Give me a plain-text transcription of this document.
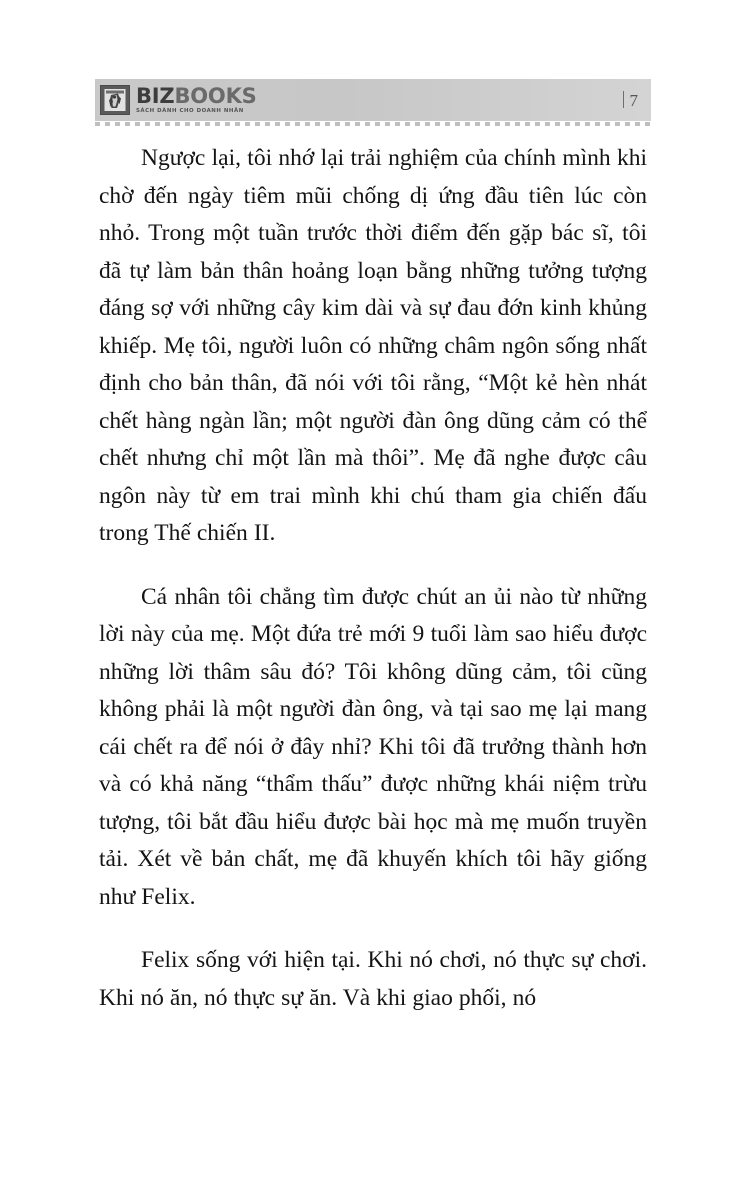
BIZBOOKS
SÁCH DÀNH CHO DOANH NHÂN
7

Ngược lại, tôi nhớ lại trải nghiệm của chính mình khi chờ đến ngày tiêm mũi chống dị ứng đầu tiên lúc còn nhỏ. Trong một tuần trước thời điểm đến gặp bác sĩ, tôi đã tự làm bản thân hoảng loạn bằng những tưởng tượng đáng sợ với những cây kim dài và sự đau đớn kinh khủng khiếp. Mẹ tôi, người luôn có những châm ngôn sống nhất định cho bản thân, đã nói với tôi rằng, “Một kẻ hèn nhát chết hàng ngàn lần; một người đàn ông dũng cảm có thể chết nhưng chỉ một lần mà thôi”. Mẹ đã nghe được câu ngôn này từ em trai mình khi chú tham gia chiến đấu trong Thế chiến II.

Cá nhân tôi chẳng tìm được chút an ủi nào từ những lời này của mẹ. Một đứa trẻ mới 9 tuổi làm sao hiểu được những lời thâm sâu đó? Tôi không dũng cảm, tôi cũng không phải là một người đàn ông, và tại sao mẹ lại mang cái chết ra để nói ở đây nhỉ? Khi tôi đã trưởng thành hơn và có khả năng “thẩm thấu” được những khái niệm trừu tượng, tôi bắt đầu hiểu được bài học mà mẹ muốn truyền tải. Xét về bản chất, mẹ đã khuyến khích tôi hãy giống như Felix.

Felix sống với hiện tại. Khi nó chơi, nó thực sự chơi. Khi nó ăn, nó thực sự ăn. Và khi giao phối, nó
